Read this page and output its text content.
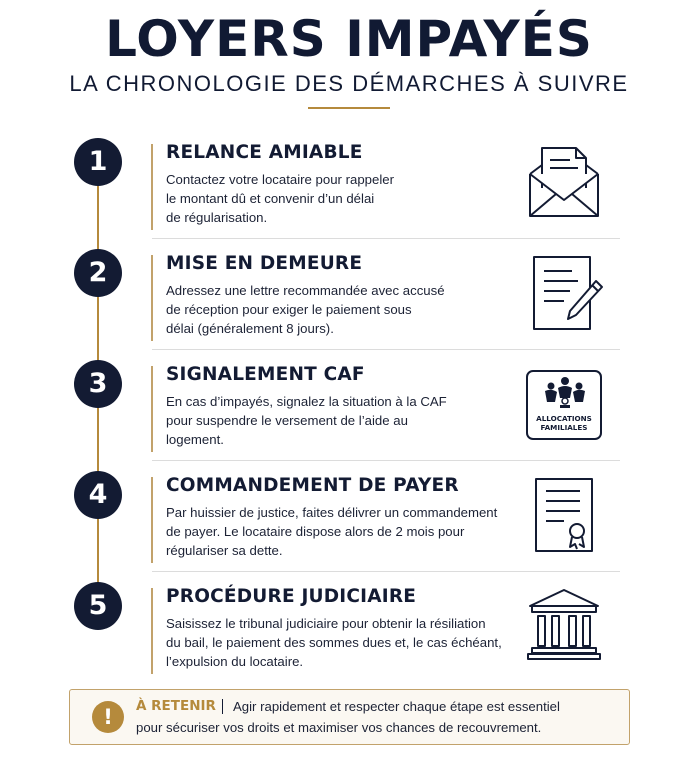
LOYERS IMPAYÉS
LA CHRONOLOGIE DES DÉMARCHES À SUIVRE
1	RELANCE AMIABLE
Contactez votre locataire pour rappeler
le montant dû et convenir d’un délai
de régularisation.
2	MISE EN DEMEURE
Adressez une lettre recommandée avec accusé
de réception pour exiger le paiement sous
délai (généralement 8 jours).
3	SIGNALEMENT CAF
En cas d’impayés, signalez la situation à la CAF
pour suspendre le versement de l’aide au
logement.
ALLOCATIONS
FAMILIALES
4	COMMANDEMENT DE PAYER
Par huissier de justice, faites délivrer un commandement
de payer. Le locataire dispose alors de 2 mois pour
régulariser sa dette.
5	PROCÉDURE JUDICIAIRE
Saisissez le tribunal judiciaire pour obtenir la résiliation
du bail, le paiement des sommes dues et, le cas échéant,
l’expulsion du locataire.
!	À RETENIR Agir rapidement et respecter chaque étape est essentiel
pour sécuriser vos droits et maximiser vos chances de recouvrement.
